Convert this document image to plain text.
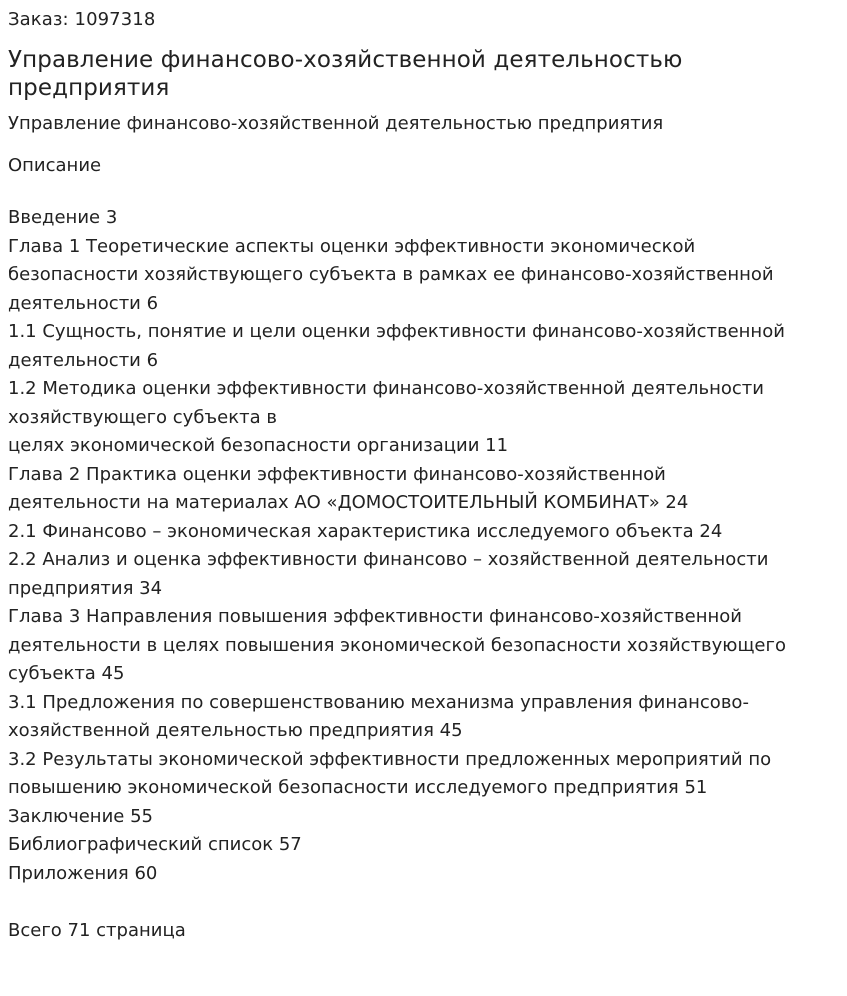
Заказ: 1097318

Управление финансово-хозяйственной деятельностью предприятия

Управление финансово-хозяйственной деятельностью предприятия

Описание

Введение 3

Глава 1 Теоретические аспекты оценки эффективности экономической

безопасности хозяйствующего субъекта в рамках ее финансово-хозяйственной

деятельности 6

1.1 Сущность, понятие и цели оценки эффективности финансово-хозяйственной

деятельности 6

1.2 Методика оценки эффективности финансово-хозяйственной деятельности

хозяйствующего субъекта в

целях экономической безопасности организации 11

Глава 2 Практика оценки эффективности финансово-хозяйственной

деятельности на материалах АО «ДОМОСТОИТЕЛЬНЫЙ КОМБИНАТ» 24

2.1 Финансово – экономическая характеристика исследуемого объекта 24

2.2 Анализ и оценка эффективности финансово – хозяйственной деятельности

предприятия 34

Глава 3 Направления повышения эффективности финансово-хозяйственной

деятельности в целях повышения экономической безопасности хозяйствующего

субъекта 45

3.1 Предложения по совершенствованию механизма управления финансово-

хозяйственной деятельностью предприятия 45

3.2 Результаты экономической эффективности предложенных мероприятий по

повышению экономической безопасности исследуемого предприятия 51

Заключение 55

Библиографический список 57

Приложения 60

Всего 71 страница
